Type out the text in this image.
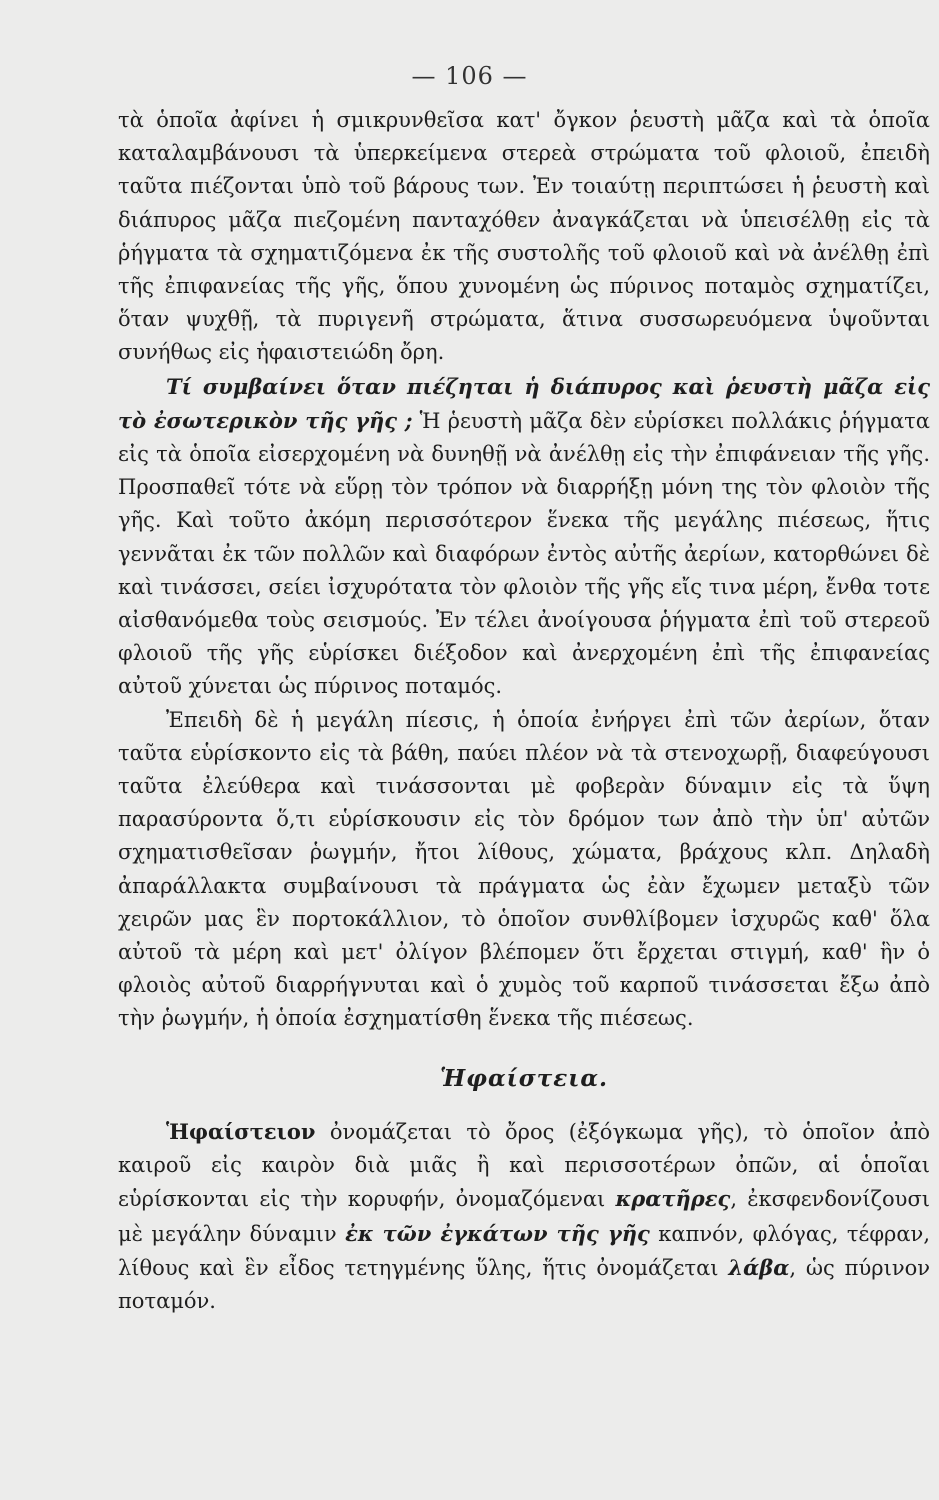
— 106 —

τὰ ὁποῖα ἀφίνει ἡ σμικρυνθεῖσα κατ' ὄγκον ῥευστὴ μᾶζα καὶ τὰ ὁποῖα καταλαμβάνουσι τὰ ὑπερκείμενα στερεὰ στρώματα τοῦ φλοιοῦ, ἐπειδὴ ταῦτα πιέζονται ὑπὸ τοῦ βάρους των. Ἐν τοιαύτῃ περιπτώσει ἡ ῥευστὴ καὶ διάπυρος μᾶζα πιεζομένη πανταχόθεν ἀναγκάζεται νὰ ὑπεισέλθῃ εἰς τὰ ῥήγματα τὰ σχηματιζόμενα ἐκ τῆς συστολῆς τοῦ φλοιοῦ καὶ νὰ ἀνέλθῃ ἐπὶ τῆς ἐπιφανείας τῆς γῆς, ὅπου χυνομένη ὡς πύρινος ποταμὸς σχηματίζει, ὅταν ψυχθῇ, τὰ πυριγενῆ στρώματα, ἅτινα συσσωρευόμενα ὑψοῦνται συνήθως εἰς ἡφαιστειώδη ὄρη.

Τί συμβαίνει ὅταν πιέζηται ἡ διάπυρος καὶ ῥευστὴ μᾶζα εἰς τὸ ἐσωτερικὸν τῆς γῆς ; Ἡ ῥευστὴ μᾶζα δὲν εὑρίσκει πολλάκις ῥήγματα εἰς τὰ ὁποῖα εἰσερχομένη νὰ δυνηθῇ νὰ ἀνέλθῃ εἰς τὴν ἐπιφάνειαν τῆς γῆς. Προσπαθεῖ τότε νὰ εὕρῃ τὸν τρόπον νὰ διαρρήξῃ μόνη της τὸν φλοιὸν τῆς γῆς. Καὶ τοῦτο ἀκόμη περισσότερον ἕνεκα τῆς μεγάλης πιέσεως, ἥτις γεννᾶται ἐκ τῶν πολλῶν καὶ διαφόρων ἐντὸς αὐτῆς ἀερίων, κατορθώνει δὲ καὶ τινάσσει, σείει ἰσχυρότατα τὸν φλοιὸν τῆς γῆς εἴς τινα μέρη, ἔνθα τοτε αἰσθανόμεθα τοὺς σεισμούς. Ἐν τέλει ἀνοίγουσα ῥήγματα ἐπὶ τοῦ στερεοῦ φλοιοῦ τῆς γῆς εὑρίσκει διέξοδον καὶ ἀνερχομένη ἐπὶ τῆς ἐπιφανείας αὐτοῦ χύνεται ὡς πύρινος ποταμός.

Ἐπειδὴ δὲ ἡ μεγάλη πίεσις, ἡ ὁποία ἐνήργει ἐπὶ τῶν ἀερίων, ὅταν ταῦτα εὑρίσκοντο εἰς τὰ βάθη, παύει πλέον νὰ τὰ στενοχωρῇ, διαφεύγουσι ταῦτα ἐλεύθερα καὶ τινάσσονται μὲ φοβερὰν δύναμιν εἰς τὰ ὕψη παρασύροντα ὅ,τι εὑρίσκουσιν εἰς τὸν δρόμον των ἀπὸ τὴν ὑπ' αὐτῶν σχηματισθεῖσαν ῥωγμήν, ἤτοι λίθους, χώματα, βράχους κλπ. Δηλαδὴ ἀπαράλλακτα συμβαίνουσι τὰ πράγματα ὡς ἐὰν ἔχωμεν μεταξὺ τῶν χειρῶν μας ἓν πορτοκάλλιον, τὸ ὁποῖον συνθλίβομεν ἰσχυρῶς καθ' ὅλα αὐτοῦ τὰ μέρη καὶ μετ' ὀλίγον βλέπομεν ὅτι ἔρχεται στιγμή, καθ' ἣν ὁ φλοιὸς αὐτοῦ διαρρήγνυται καὶ ὁ χυμὸς τοῦ καρποῦ τινάσσεται ἔξω ἀπὸ τὴν ῥωγμήν, ἡ ὁποία ἐσχηματίσθη ἕνεκα τῆς πιέσεως.

Ἡφαίστεια.

Ἡφαίστειον ὀνομάζεται τὸ ὄρος (ἐξόγκωμα γῆς), τὸ ὁποῖον ἀπὸ καιροῦ εἰς καιρὸν διὰ μιᾶς ἢ καὶ περισσοτέρων ὀπῶν, αἱ ὁποῖαι εὑρίσκονται εἰς τὴν κορυφήν, ὀνομαζόμεναι κρατῆρες, ἐκσφενδονίζουσι μὲ μεγάλην δύναμιν ἐκ τῶν ἐγκάτων τῆς γῆς καπνόν, φλόγας, τέφραν, λίθους καὶ ἓν εἶδος τετηγμένης ὕλης, ἥτις ὀνομάζεται λάβα, ὡς πύρινον ποταμόν.
